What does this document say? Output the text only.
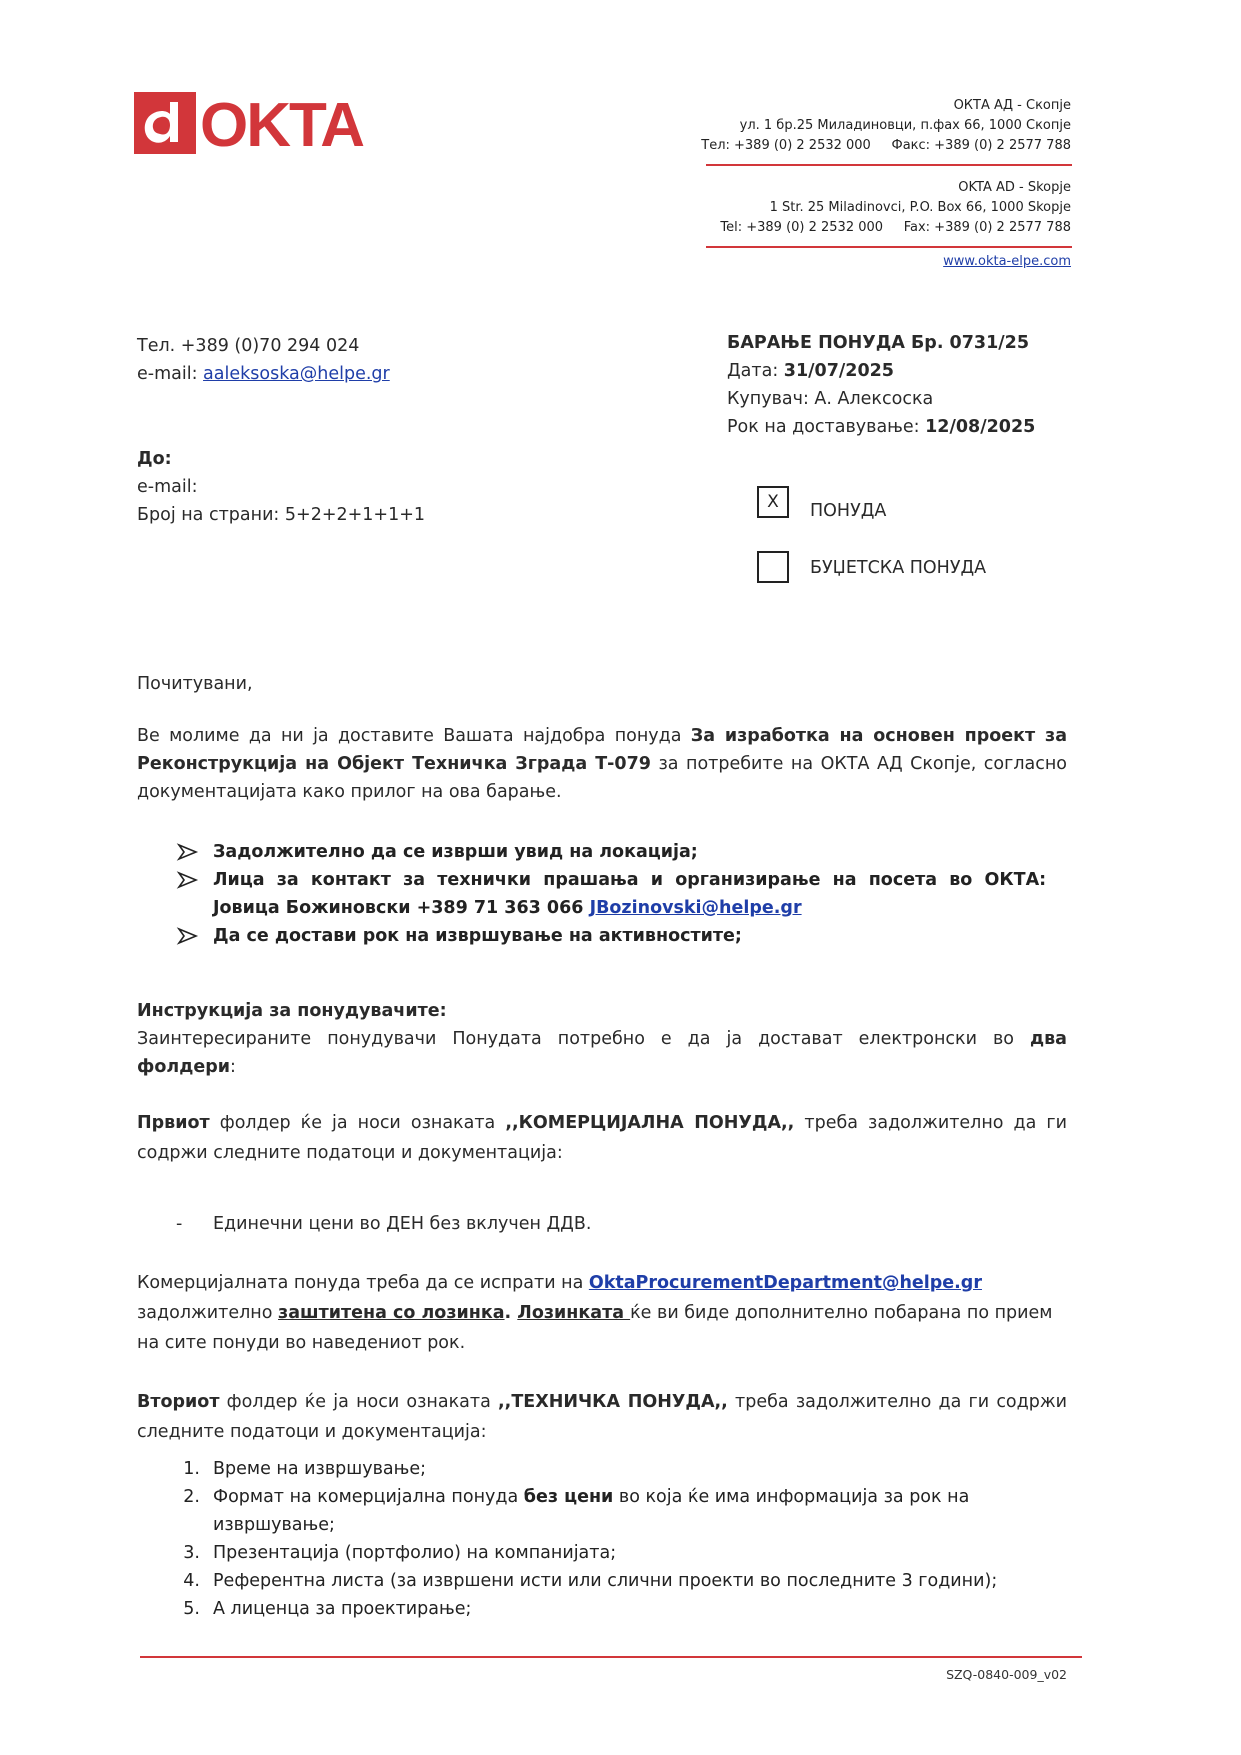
OKTA	ОКТА АД - Скопје
ул. 1 бр.25 Миладиновци, п.фах 66, 1000 Скопје
Тел: +389 (0) 2 2532 000 Факс: +389 (0) 2 2577 788
OKTA AD - Skopje
1 Str. 25 Miladinovci, P.O. Box 66, 1000 Skopje
Tel: +389 (0) 2 2532 000 Fax: +389 (0) 2 2577 788
www.okta-elpe.com
Тел. +389 (0)70 294 024
e-mail: aaleksoska@helpe.gr
БАРАЊЕ ПОНУДА Бр. 0731/25
Дата: 31/07/2025
Купувач: А. Алексоска
Рок на доставување: 12/08/2025
До:
e-mail:
Број на страни: 5+2+2+1+1+1
X	ПОНУДА
БУЏЕТСКА ПОНУДА
Почитувани,
Ве молиме да ни ја доставите Вашата најдобра понуда За изработка на основен проект за Реконструкција на Објект Техничка Зграда Т-079 за потребите на ОКТА АД Скопје, согласно документацијата како прилог на ова барање.
Задолжително да се изврши увид на локација;
Лица  за  контакт  за  технички  прашања  и  организирање  на  посета  во  ОКТА:
Јовица Божиновски +389 71 363 066 JBozinovski@helpe.gr
Да се достави рок на извршување на активностите;
Инструкција за понудувачите:
Заинтересираните понудувачи Понудата потребно е да ја достават електронски во два фолдери:
Првиот фолдер ќе ја носи ознаката ,,КОМЕРЦИЈАЛНА ПОНУДА,, треба задолжително да ги содржи следните податоци и документација:
- Единечни цени во ДЕН без вклучен ДДВ.
Комерцијалната понуда треба да се испрати на OktaProcurementDepartment@helpe.gr
задолжително заштитена со лозинка. Лозинката ќе ви биде дополнително побарана по прием на сите понуди во наведениот рок.
Вториот фолдер ќе ја носи ознаката ,,ТЕХНИЧКА ПОНУДА,, треба задолжително да ги содржи следните податоци и документација:
1. Време на извршување;
2. Формат на комерцијална понуда без цени во која ќе има информација за рок на извршување;
3. Презентација (портфолио) на компанијата;
4. Референтна листа (за извршени исти или слични проекти во последните 3 години);
5. А лиценца за проектирање;
SZQ-0840-009_v02
